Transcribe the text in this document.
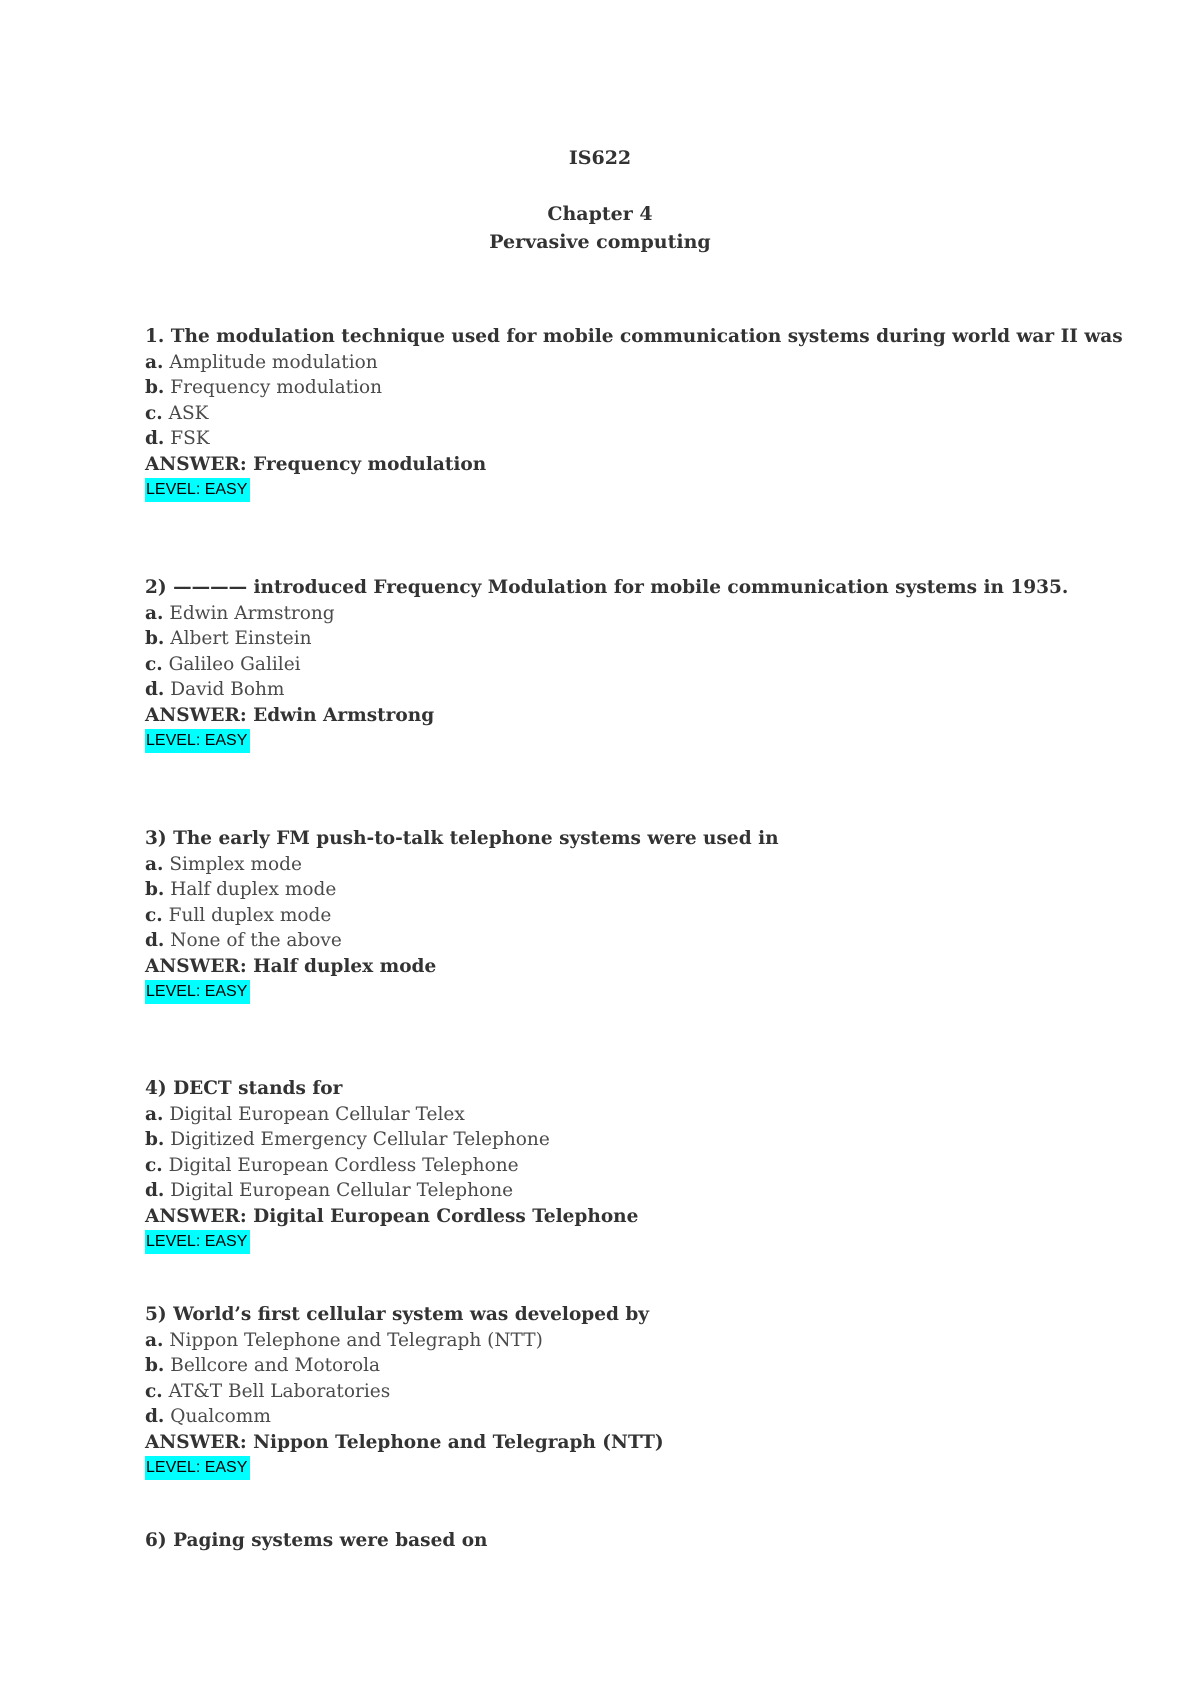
IS622
Chapter 4
Pervasive computing
1. The modulation technique used for mobile communication systems during world war II was
a. Amplitude modulation
b. Frequency modulation
c. ASK
d. FSK
ANSWER: Frequency modulation
LEVEL: EASY
2) ———— introduced Frequency Modulation for mobile communication systems in 1935.
a. Edwin Armstrong
b. Albert Einstein
c. Galileo Galilei
d. David Bohm
ANSWER: Edwin Armstrong
LEVEL: EASY
3) The early FM push-to-talk telephone systems were used in
a. Simplex mode
b. Half duplex mode
c. Full duplex mode
d. None of the above
ANSWER: Half duplex mode
LEVEL: EASY
4) DECT stands for
a. Digital European Cellular Telex
b. Digitized Emergency Cellular Telephone
c. Digital European Cordless Telephone
d. Digital European Cellular Telephone
ANSWER: Digital European Cordless Telephone
LEVEL: EASY
5) World’s first cellular system was developed by
a. Nippon Telephone and Telegraph (NTT)
b. Bellcore and Motorola
c. AT&T Bell Laboratories
d. Qualcomm
ANSWER: Nippon Telephone and Telegraph (NTT)
LEVEL: EASY
6) Paging systems were based on
